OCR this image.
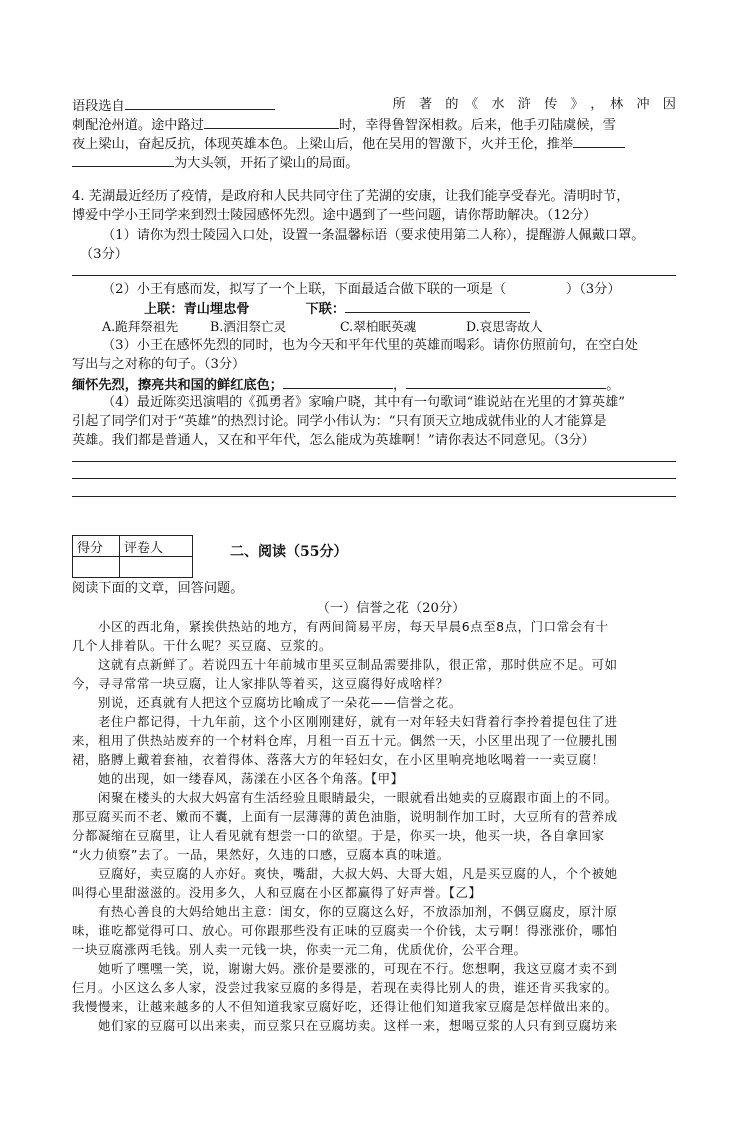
语段选自	所　著　的　《　水　浒　传　》　，　林　冲　因
刺配沧州道。途中路过	时，幸得鲁智深相救。后来，他手刃陆虞候，雪
夜上梁山，奋起反抗，体现英雄本色。上梁山后，他在吴用的智激下，火并王伦，推举
为大头领，开拓了梁山的局面。
4. 芜湖最近经历了疫情，是政府和人民共同守住了芜湖的安康，让我们能享受春光。清明时节，
博爱中学小王同学来到烈士陵园感怀先烈。途中遇到了一些问题，请你帮助解决。（12分）
（1）请你为烈士陵园入口处，设置一条温馨标语（要求使用第二人称），提醒游人佩戴口罩。
（3分）
（2）小王有感而发，拟写了一个上联，下面最适合做下联的一项是（	）（3分）
上联：青山埋忠骨	下联：
A.跪拜祭祖先	B.洒泪祭亡灵	C.翠柏眠英魂	D.哀思寄故人
（3）小王在感怀先烈的同时，也为今天和平年代里的英雄而喝彩。请你仿照前句，在空白处
写出与之对称的句子。（3分）
缅怀先烈，擦亮共和国的鲜红底色；	，	。
（4）最近陈奕迅演唱的《孤勇者》家喻户晓，其中有一句歌词“谁说站在光里的才算英雄”
引起了同学们对于“英雄”的热烈讨论。同学小伟认为：“只有顶天立地成就伟业的人才能算是
英雄。我们都是普通人，又在和平年代，怎么能成为英雄啊！”请你表达不同意见。（3分）
得分	评卷人
		二、阅读（55分）
阅读下面的文章，回答问题。
（一）信誉之花（20分）
　　小区的西北角，紧挨供热站的地方，有两间简易平房，每天早晨6点至8点，门口常会有十
几个人排着队。干什么呢？买豆腐、豆浆的。
　　这就有点新鲜了。若说四五十年前城市里买豆制品需要排队，很正常，那时供应不足。可如
今，寻寻常常一块豆腐，让人家排队等着买，这豆腐得好成啥样？
　　别说，还真就有人把这个豆腐坊比喻成了一朵花——信誉之花。
　　老住户都记得，十九年前，这个小区刚刚建好，就有一对年轻夫妇背着行李拎着提包住了进
来，租用了供热站废弃的一个材料仓库，月租一百五十元。偶然一天，小区里出现了一位腰扎围
裙，胳膊上戴着套袖，衣着得体、落落大方的年轻妇女，在小区里响亮地吆喝着一一卖豆腐！
　　她的出现，如一缕春风，荡漾在小区各个角落。【甲】
　　闲聚在楼头的大叔大妈富有生活经验且眼睛最尖，一眼就看出她卖的豆腐跟市面上的不同。
那豆腐买而不老、嫩而不囊，上面有一层薄薄的黄色油脂，说明制作加工时，大豆所有的营养成
分都凝缩在豆腐里，让人看见就有想尝一口的欲望。于是，你买一块，他买一块，各自拿回家
“火力侦察”去了。一品，果然好，久违的口感，豆腐本真的味道。
　　豆腐好，卖豆腐的人亦好。爽快，嘴甜，大叔大妈、大哥大姐，凡是买豆腐的人，个个被她
叫得心里甜滋滋的。没用多久，人和豆腐在小区都赢得了好声誉。【乙】
　　有热心善良的大妈给她出主意：闺女，你的豆腐这么好，不放添加剂，不偶豆腐皮，原汁原
味，谁吃都觉得可口、放心。可你跟那些没有正味的豆腐卖一个价钱，太亏啊！得涨涨价，哪怕
一块豆腐涨两毛钱。别人卖一元钱一块，你卖一元二角，优质优价，公平合理。
　　她听了嘿嘿一笑，说，谢谢大妈。涨价是要涨的，可现在不行。您想啊，我这豆腐才卖不到
仨月。小区这么多人家，没尝过我家豆腐的多得是，若现在卖得比别人的贵，谁还肯买我家的。
我慢慢来，让越来越多的人不但知道我家豆腐好吃，还得让他们知道我家豆腐是怎样做出来的。
　　她们家的豆腐可以出来卖，而豆浆只在豆腐坊卖。这样一来，想喝豆浆的人只有到豆腐坊来
